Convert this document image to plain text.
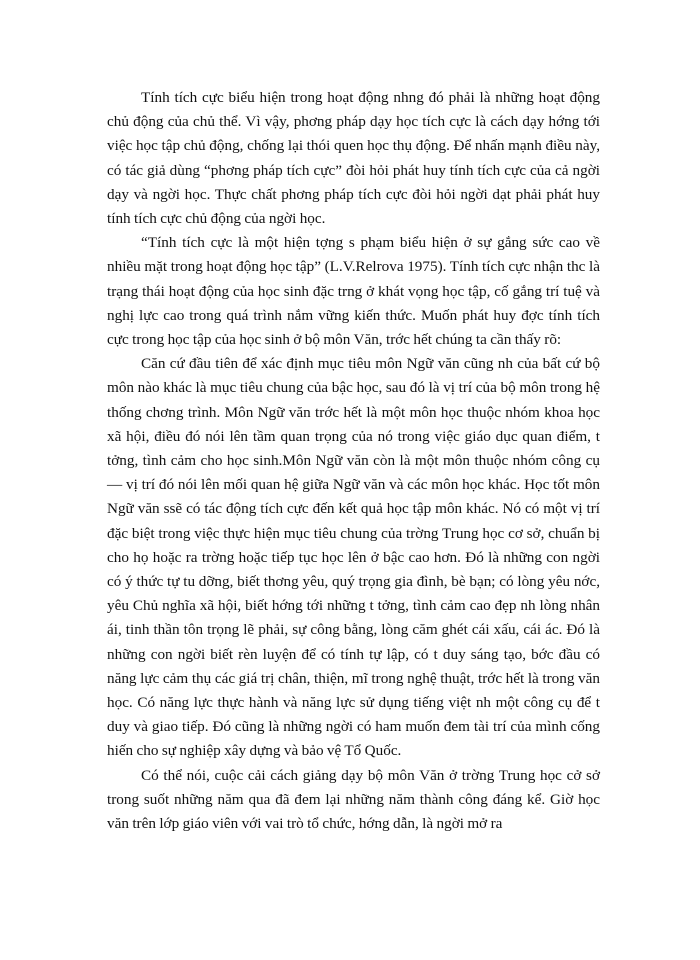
Tính tích cực biểu hiện trong hoạt động nhng đó phải là những hoạt động chủ động của chủ thể. Vì vậy, phơng pháp dạy học tích cực là cách dạy hớng tới việc học tập chủ động, chống lại thói quen học thụ động. Để nhấn mạnh điều này, có tác giả dùng “phơng pháp tích cực” đòi hỏi phát huy tính tích cực của cả ngời dạy và ngời học. Thực chất phơng pháp tích cực đòi hỏi ngời dạt phải phát huy tính tích cực chủ động của ngời học.

“Tính tích cực là một hiện tợng s phạm biểu hiện ở sự gắng sức cao về nhiều mặt trong hoạt động học tập” (L.V.Relrova 1975). Tính tích cực nhận thc là trạng thái hoạt động của học sinh đặc trng ở khát vọng học tập, cố gắng trí tuệ và nghị lực cao trong quá trình nắm vững kiến thức. Muốn phát huy đợc tính tích cực trong học tập của học sinh ở bộ môn Văn, trớc hết chúng ta cần thấy rõ:

Căn cứ đầu tiên để xác định mục tiêu môn Ngữ văn cũng nh của bất cứ bộ môn nào khác là mục tiêu chung của bậc học, sau đó là vị trí của bộ môn trong hệ thống chơng trình. Môn Ngữ văn trớc hết là một môn học thuộc nhóm khoa học xã hội, điều đó nói lên tầm quan trọng của nó trong việc giáo dục quan điểm, t tởng, tình cảm cho học sinh.Môn Ngữ văn còn là một môn thuộc nhóm công cụ — vị trí đó nói lên mối quan hệ giữa Ngữ văn và các môn học khác. Học tốt môn Ngữ văn ssẽ có tác động tích cực đến kết quả học tập môn khác. Nó có một vị trí đặc biệt trong việc thực hiện mục tiêu chung của trờng Trung học cơ sở, chuẩn bị cho họ hoặc ra trờng hoặc tiếp tục học lên ở bậc cao hơn. Đó là những con ngời có ý thức tự tu dỡng, biết thơng yêu, quý trọng gia đình, bè bạn; có lòng yêu nớc, yêu Chủ nghĩa xã hội, biết hớng tới những t tởng, tình cảm cao đẹp nh lòng nhân ái, tinh thần tôn trọng lẽ phải, sự công bằng, lòng căm ghét cái xấu, cái ác. Đó là những con ngời biết rèn luyện để có tính tự lập, có t duy sáng tạo, bớc đầu có năng lực cảm thụ các giá trị chân, thiện, mĩ trong nghệ thuật, trớc hết là trong văn học. Có năng lực thực hành và năng lực sử dụng tiếng việt nh một công cụ để t duy và giao tiếp. Đó cũng là những ngời có ham muốn đem tài trí của mình cống hiến cho sự nghiệp xây dựng và bảo vệ Tổ Quốc.

Có thể nói, cuộc cải cách giảng dạy bộ môn Văn ở trờng Trung học cở sở trong suốt những năm qua đã đem lại những năm thành công đáng kể. Giờ học văn trên lớp giáo viên với vai trò tổ chức, hớng dẫn, là ngời mở ra
